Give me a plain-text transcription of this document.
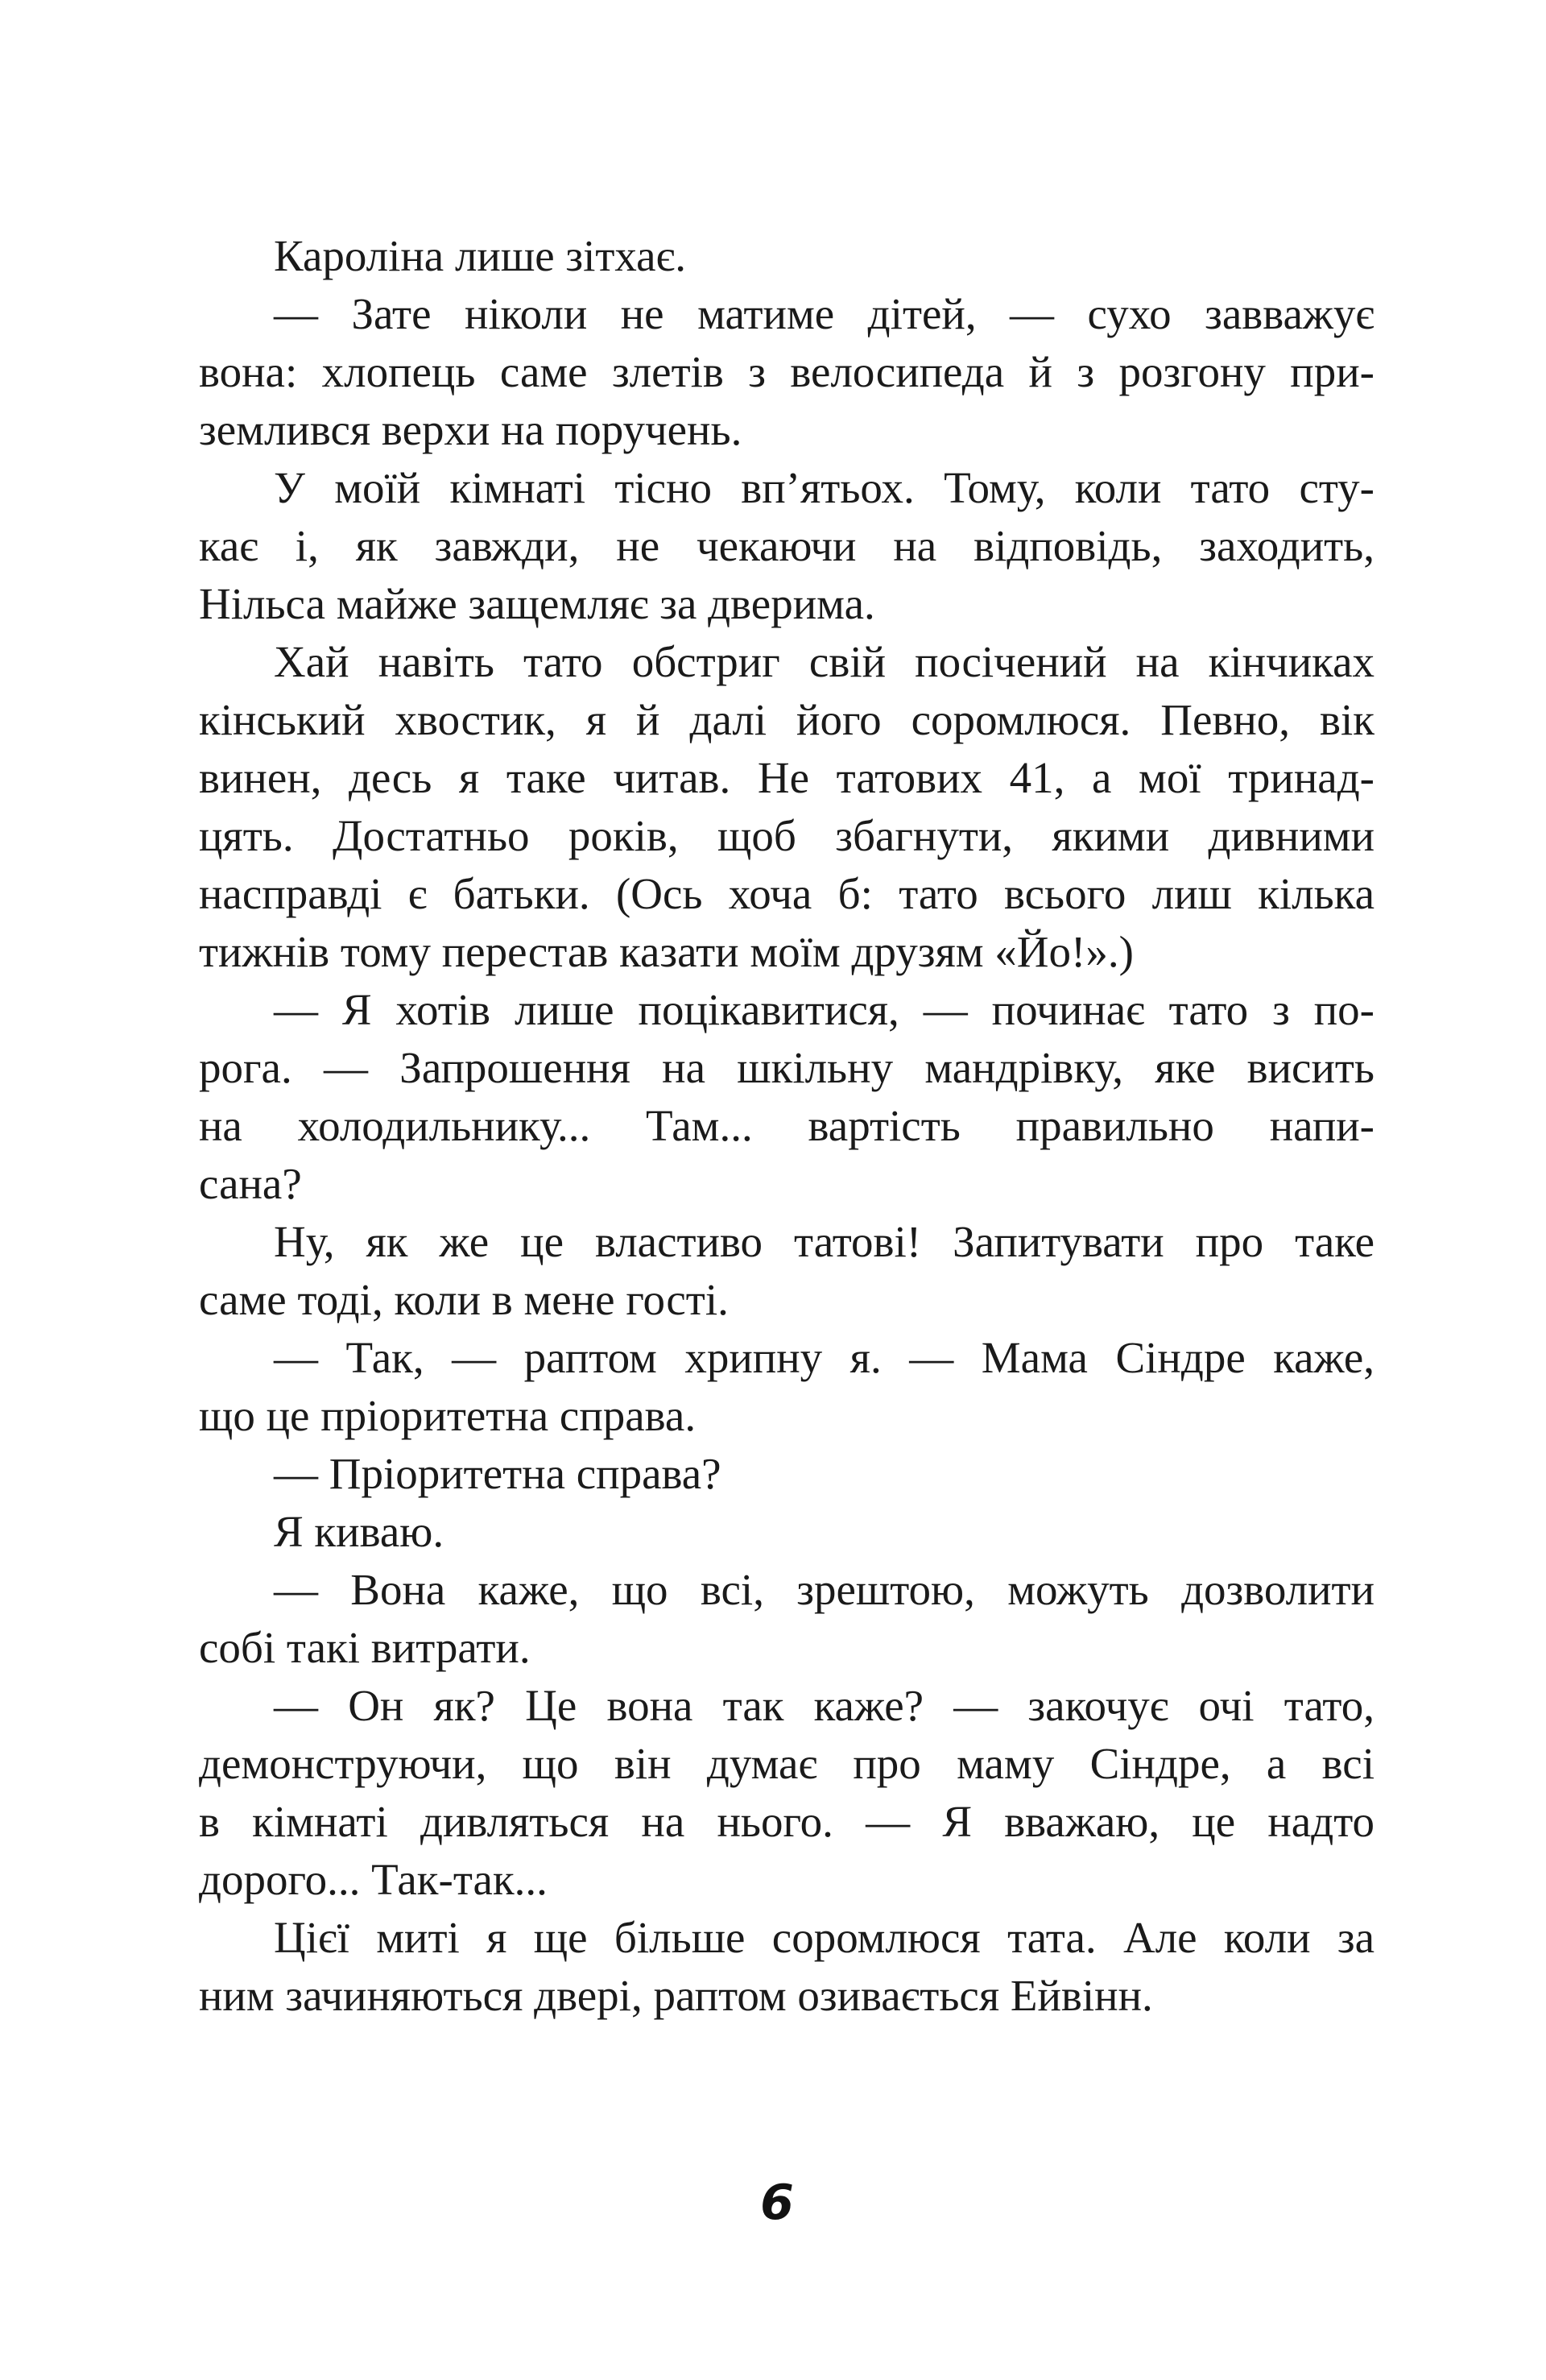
Кароліна лише зітхає.
— Зате ніколи не матиме дітей, — сухо завважує
вона: хлопець саме злетів з велосипеда й з розгону при-
землився верхи на поручень.
У моїй кімнаті тісно вп’ятьох. Тому, коли тато сту-
кає і, як завжди, не чекаючи на відповідь, заходить,
Нільса майже защемляє за дверима.
Хай навіть тато обстриг свій посічений на кінчиках
кінський хвостик, я й далі його соромлюся. Певно, вік
винен, десь я таке читав. Не татових 41, а мої тринад-
цять. Достатньо років, щоб збагнути, якими дивними
насправді є батьки. (Ось хоча б: тато всього лиш кілька
тижнів тому перестав казати моїм друзям «Йо!».)
— Я хотів лише поцікавитися, — починає тато з по-
рога. — Запрошення на шкільну мандрівку, яке висить
на холодильнику... Там... вартість правильно напи-
сана?
Ну, як же це властиво татові! Запитувати про таке
саме тоді, коли в мене гості.
— Так, — раптом хрипну я. — Мама Сіндре каже,
що це пріоритетна справа.
— Пріоритетна справа?
Я киваю.
— Вона каже, що всі, зрештою, можуть дозволити
собі такі витрати.
— Он як? Це вона так каже? — закочує очі тато,
демонструючи, що він думає про маму Сіндре, а всі
в кімнаті дивляться на нього. — Я вважаю, це надто
дорого... Так-так...
Цієї миті я ще більше соромлюся тата. Але коли за
ним зачиняються двері, раптом озивається Ейвінн.
6
